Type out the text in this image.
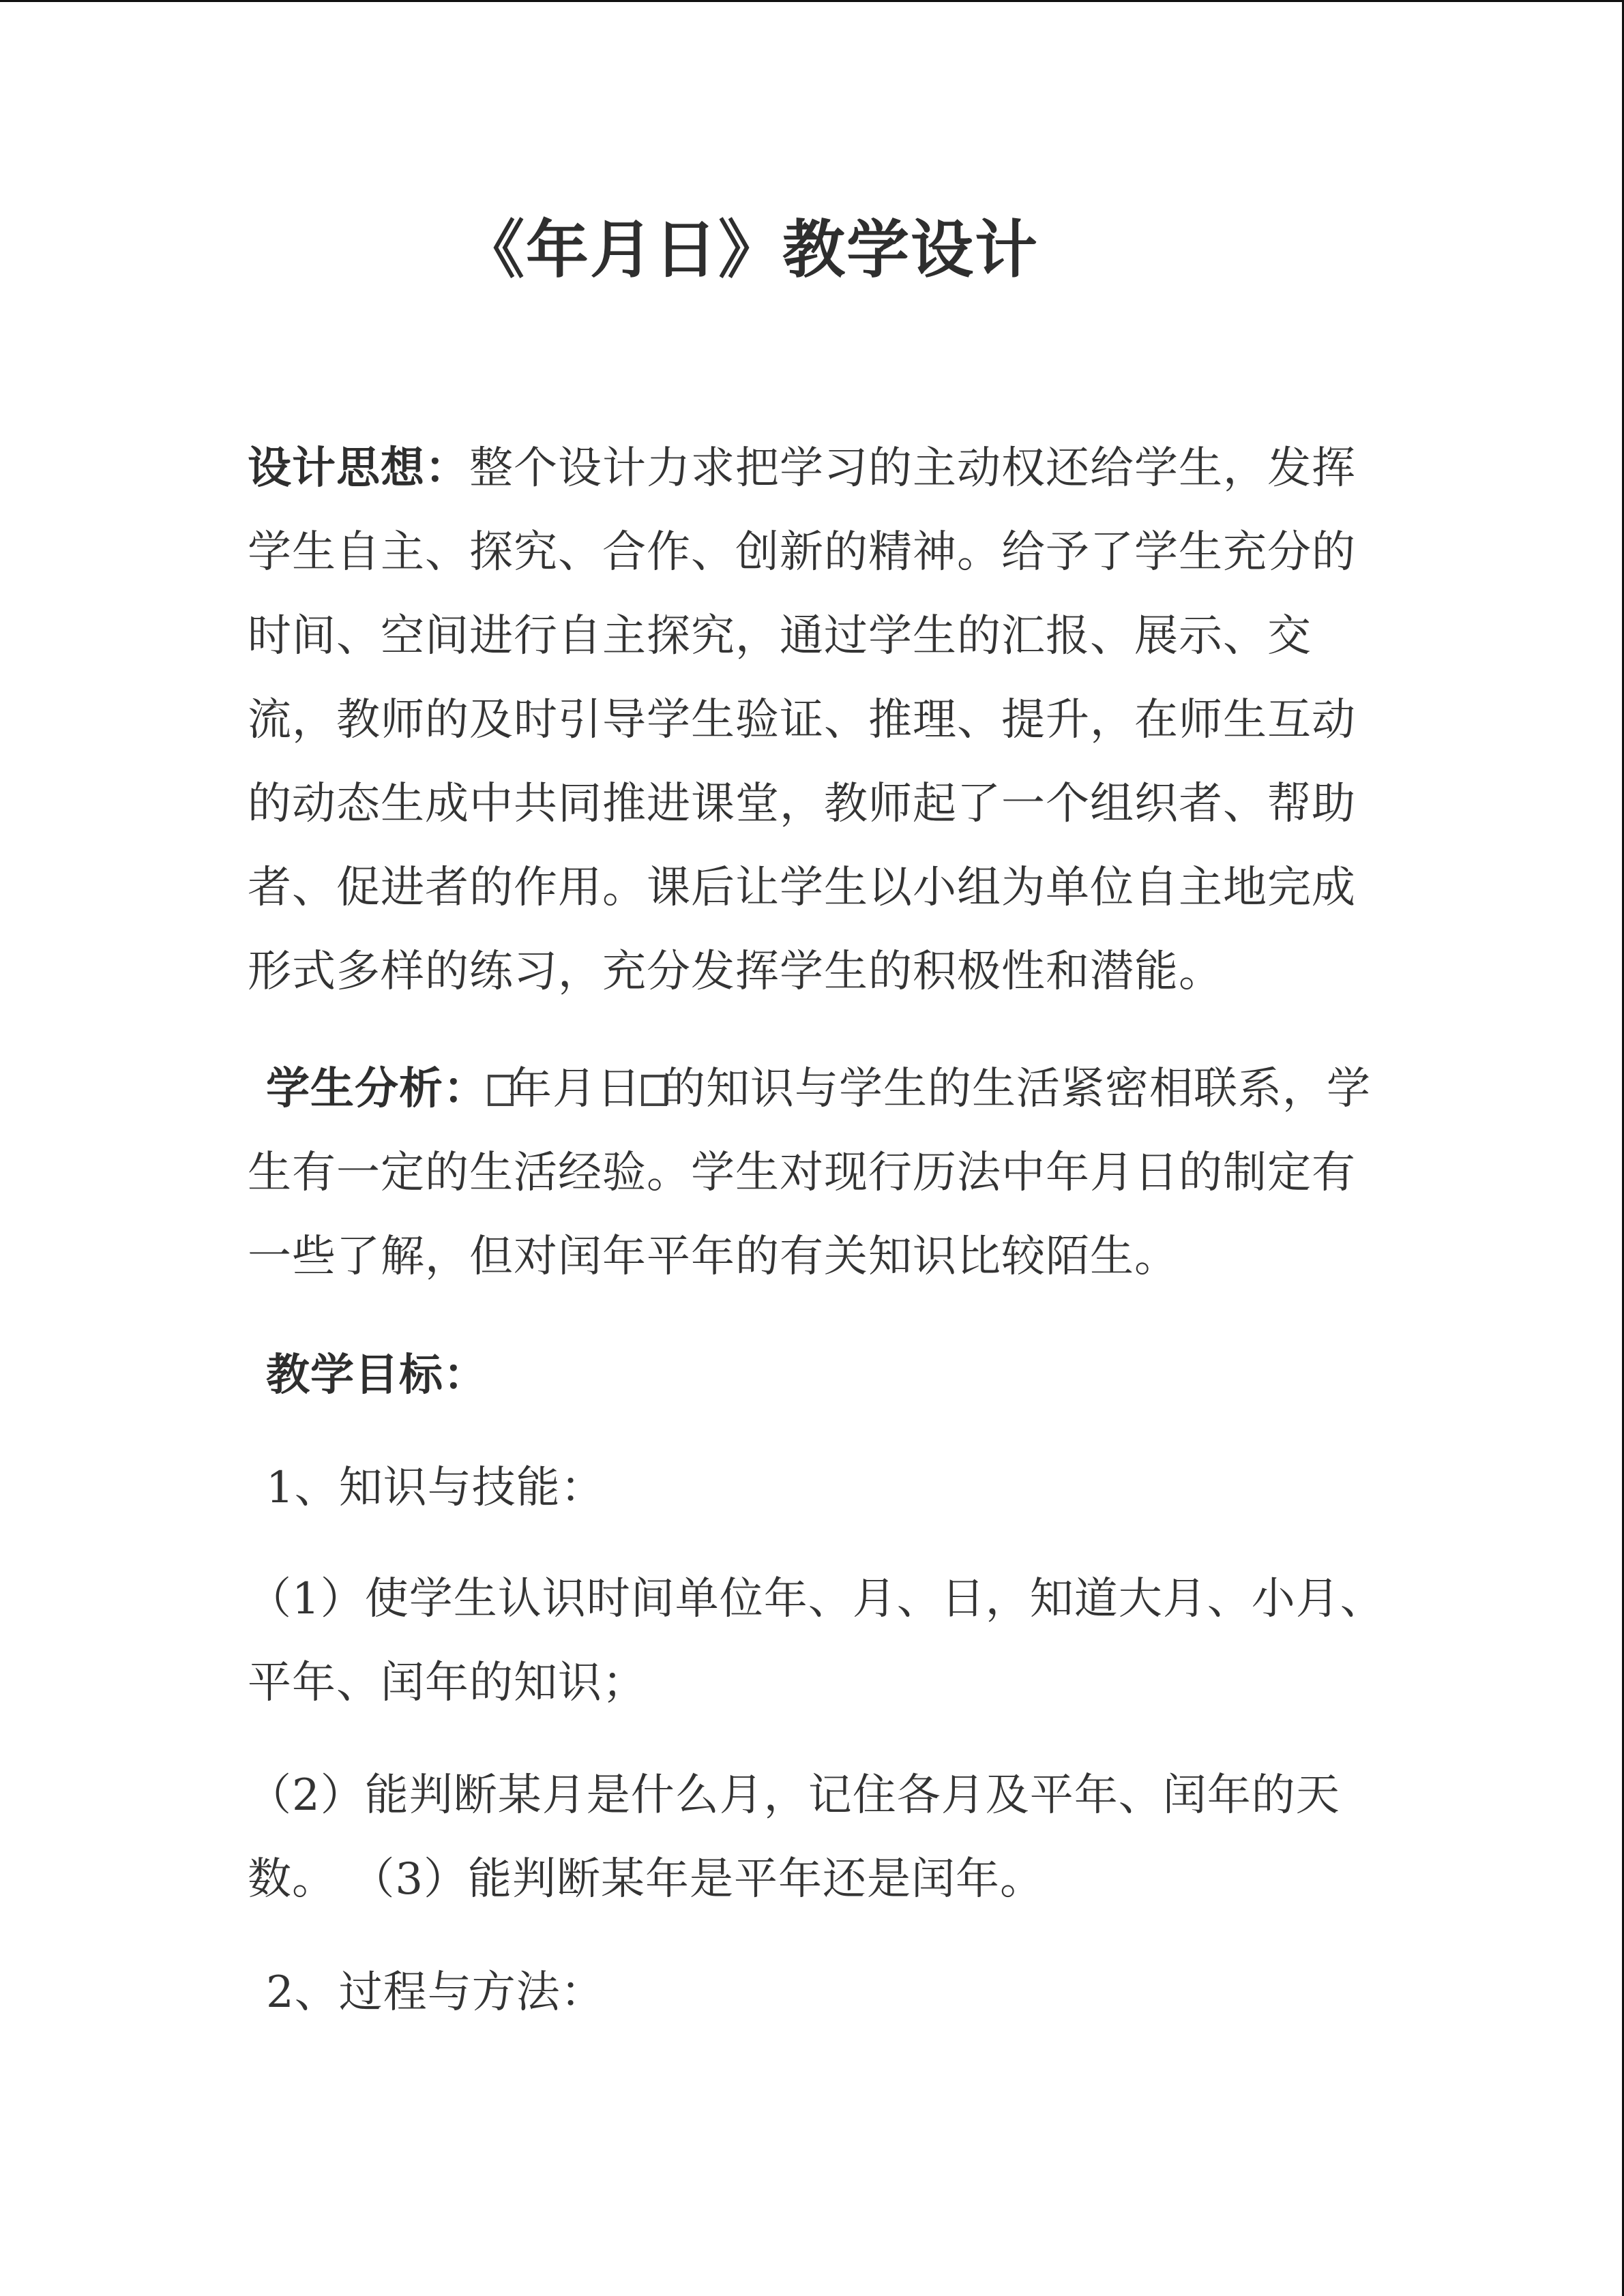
《年月日》教学设计
设计思想：整个设计力求把学习的主动权还给学生，发挥
学生自主、探究、合作、创新的精神。给予了学生充分的
时间、空间进行自主探究，通过学生的汇报、展示、交
流，教师的及时引导学生验证、推理、提升，在师生互动
的动态生成中共同推进课堂，教师起了一个组织者、帮助
者、促进者的作用。课后让学生以小组为单位自主地完成
形式多样的练习，充分发挥学生的积极性和潜能。
学生分析： 年月日 的知识与学生的生活紧密相联系，学
生有一定的生活经验。学生对现行历法中年月日的制定有
一些了解，但对闰年平年的有关知识比较陌生。
教学目标：
1、知识与技能：
（1）使学生认识时间单位年、月、日，知道大月、小月、
平年、闰年的知识；
（2）能判断某月是什么月，记住各月及平年、闰年的天
数。 （3）能判断某年是平年还是闰年。
2、过程与方法：
